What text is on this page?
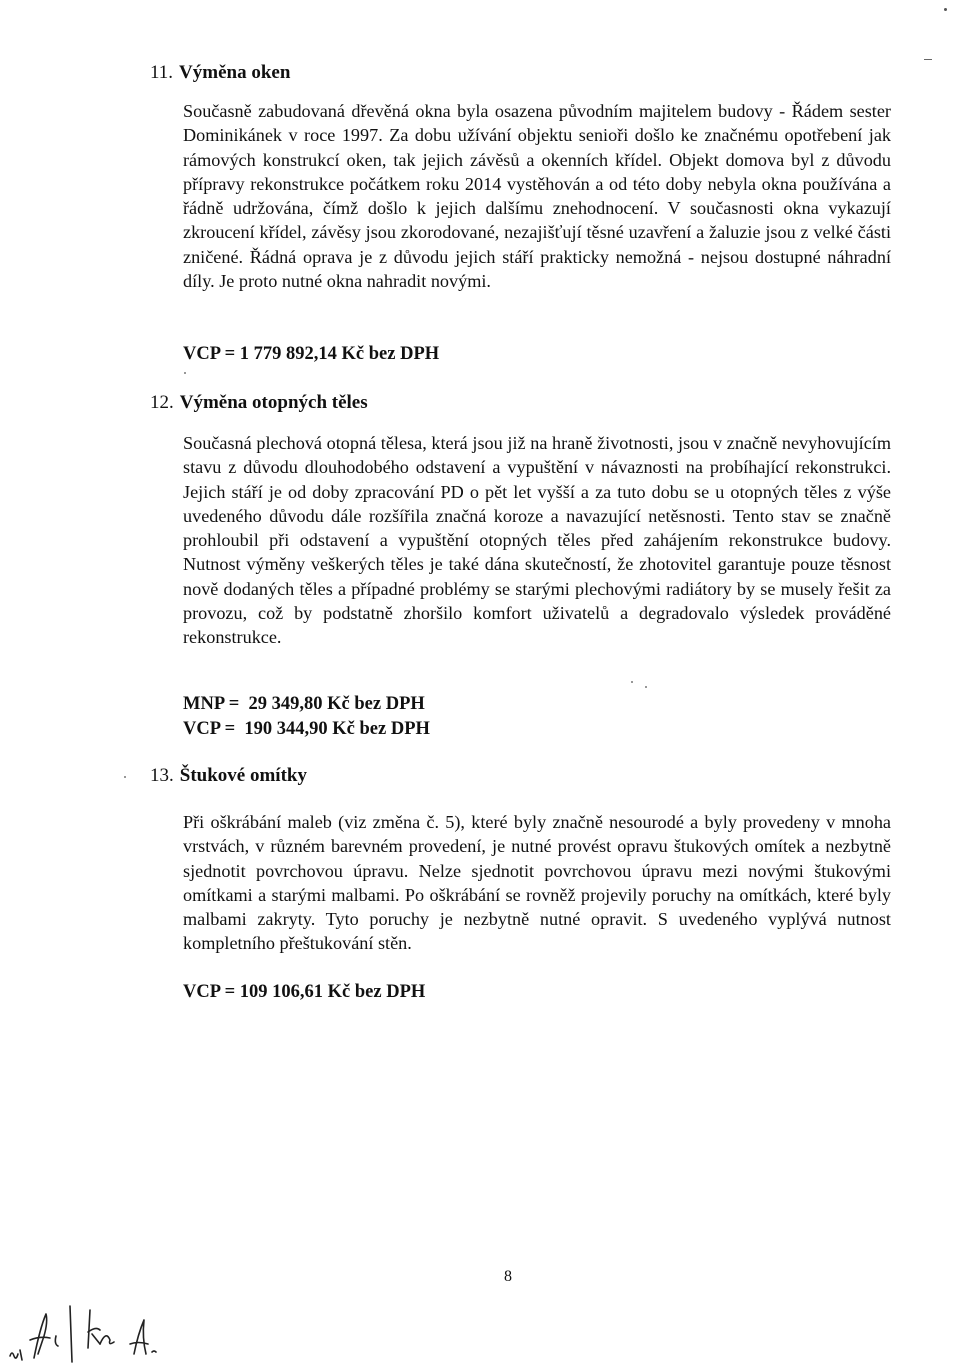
11. Výměna oken

Současně zabudovaná dřevěná okna byla osazena původním majitelem budovy - Řádem sester Dominikánek v roce 1997. Za dobu užívání objektu senioři došlo ke značnému opotřebení jak rámových konstrukcí oken, tak jejich závěsů a okenních křídel. Objekt domova byl z důvodu přípravy rekonstrukce počátkem roku 2014 vystěhován a od této doby nebyla okna používána a řádně udržována, čímž došlo k jejich dalšímu znehodnocení. V současnosti okna vykazují zkroucení křídel, závěsy jsou zkorodované, nezajišťují těsné uzavření a žaluzie jsou z velké části zničené. Řádná oprava je z důvodu jejich stáří prakticky nemožná - nejsou dostupné náhradní díly. Je proto nutné okna nahradit novými.

VCP = 1 779 892,14 Kč bez DPH

12. Výměna otopných těles

Současná plechová otopná tělesa, která jsou již na hraně životnosti, jsou v značně nevyhovujícím stavu z důvodu dlouhodobého odstavení a vypuštění v návaznosti na probíhající rekonstrukci. Jejich stáří je od doby zpracování PD o pět let vyšší a za tuto dobu se u otopných těles z výše uvedeného důvodu dále rozšířila značná koroze a navazující netěsnosti. Tento stav se značně prohloubil při odstavení a vypuštění otopných těles před zahájením rekonstrukce budovy. Nutnost výměny veškerých těles je také dána skutečností, že zhotovitel garantuje pouze těsnost nově dodaných těles a případné problémy se starými plechovými radiátory by se musely řešit za provozu, což by podstatně zhoršilo komfort uživatelů a degradovalo výsledek prováděné rekonstrukce.

MNP =  29 349,80 Kč bez DPH

VCP =  190 344,90 Kč bez DPH

13. Štukové omítky

Při oškrábání maleb (viz změna č. 5), které byly značně nesourodé a byly provedeny v mnoha vrstvách, v různém barevném provedení, je nutné provést opravu štukových omítek a nezbytně sjednotit povrchovou úpravu. Nelze sjednotit povrchovou úpravu mezi novými štukovými omítkami a starými malbami. Po oškrábání se rovněž projevily poruchy na omítkách, které byly malbami zakryty. Tyto poruchy je nezbytně nutné opravit. S uvedeného vyplývá nutnost kompletního přeštukování stěn.

VCP = 109 106,61 Kč bez DPH

8
